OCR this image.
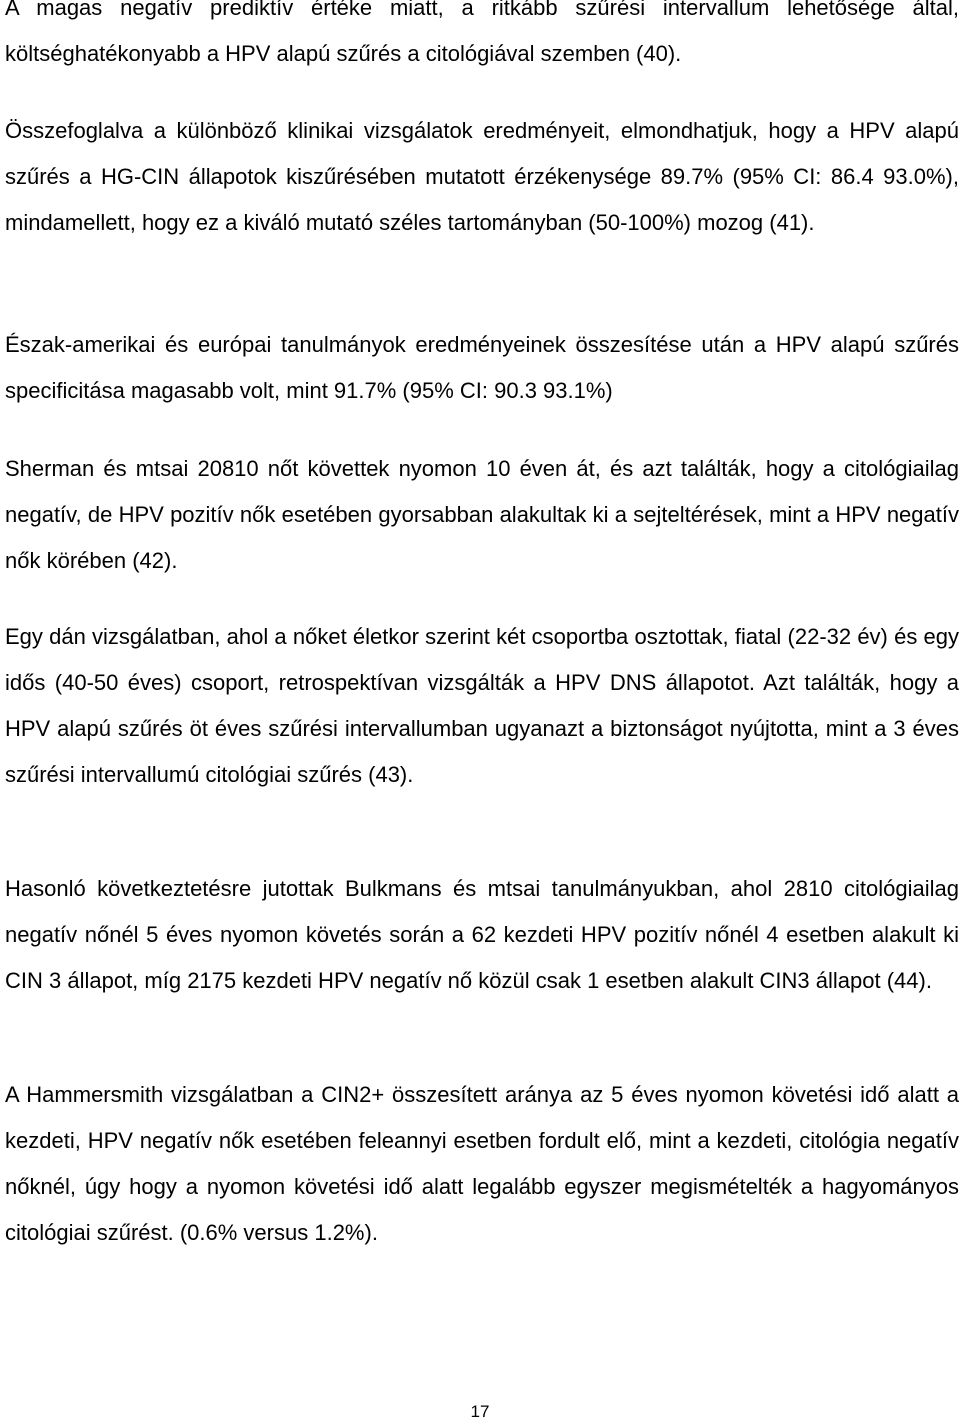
A magas negatív prediktív értéke miatt, a ritkább szűrési intervallum lehetősége által, költséghatékonyabb a HPV alapú szűrés a citológiával szemben (40).

Összefoglalva a különböző klinikai vizsgálatok eredményeit, elmondhatjuk, hogy a HPV alapú szűrés a HG-CIN állapotok kiszűrésében mutatott érzékenysége 89.7% (95% CI: 86.4 93.0%), mindamellett, hogy ez a kiváló mutató széles tartományban (50-100%) mozog (41).

Észak-amerikai és európai tanulmányok eredményeinek összesítése után a HPV alapú szűrés specificitása magasabb volt, mint 91.7% (95% CI: 90.3 93.1%)

Sherman és mtsai 20810 nőt követtek nyomon 10 éven át, és azt találták, hogy a citológiailag negatív, de HPV pozitív nők esetében gyorsabban alakultak ki a sejteltérések, mint a HPV negatív nők körében (42).

Egy dán vizsgálatban, ahol a nőket életkor szerint két csoportba osztottak, fiatal (22-32 év) és egy idős (40-50 éves) csoport, retrospektívan vizsgálták a HPV DNS állapotot. Azt találták, hogy a HPV alapú szűrés öt éves szűrési intervallumban ugyanazt a biztonságot nyújtotta, mint a 3 éves szűrési intervallumú citológiai szűrés (43).

Hasonló következtetésre jutottak Bulkmans és mtsai tanulmányukban, ahol 2810 citológiailag negatív nőnél 5 éves nyomon követés során a 62 kezdeti HPV pozitív nőnél 4 esetben alakult ki CIN 3 állapot, míg 2175 kezdeti HPV negatív nő közül csak 1 esetben alakult CIN3 állapot (44).

A Hammersmith vizsgálatban a CIN2+ összesített aránya az 5 éves nyomon követési idő alatt a kezdeti, HPV negatív nők esetében feleannyi esetben fordult elő, mint a kezdeti, citológia negatív nőknél, úgy hogy a nyomon követési idő alatt legalább egyszer megismételték a hagyományos citológiai szűrést. (0.6% versus 1.2%).

17
